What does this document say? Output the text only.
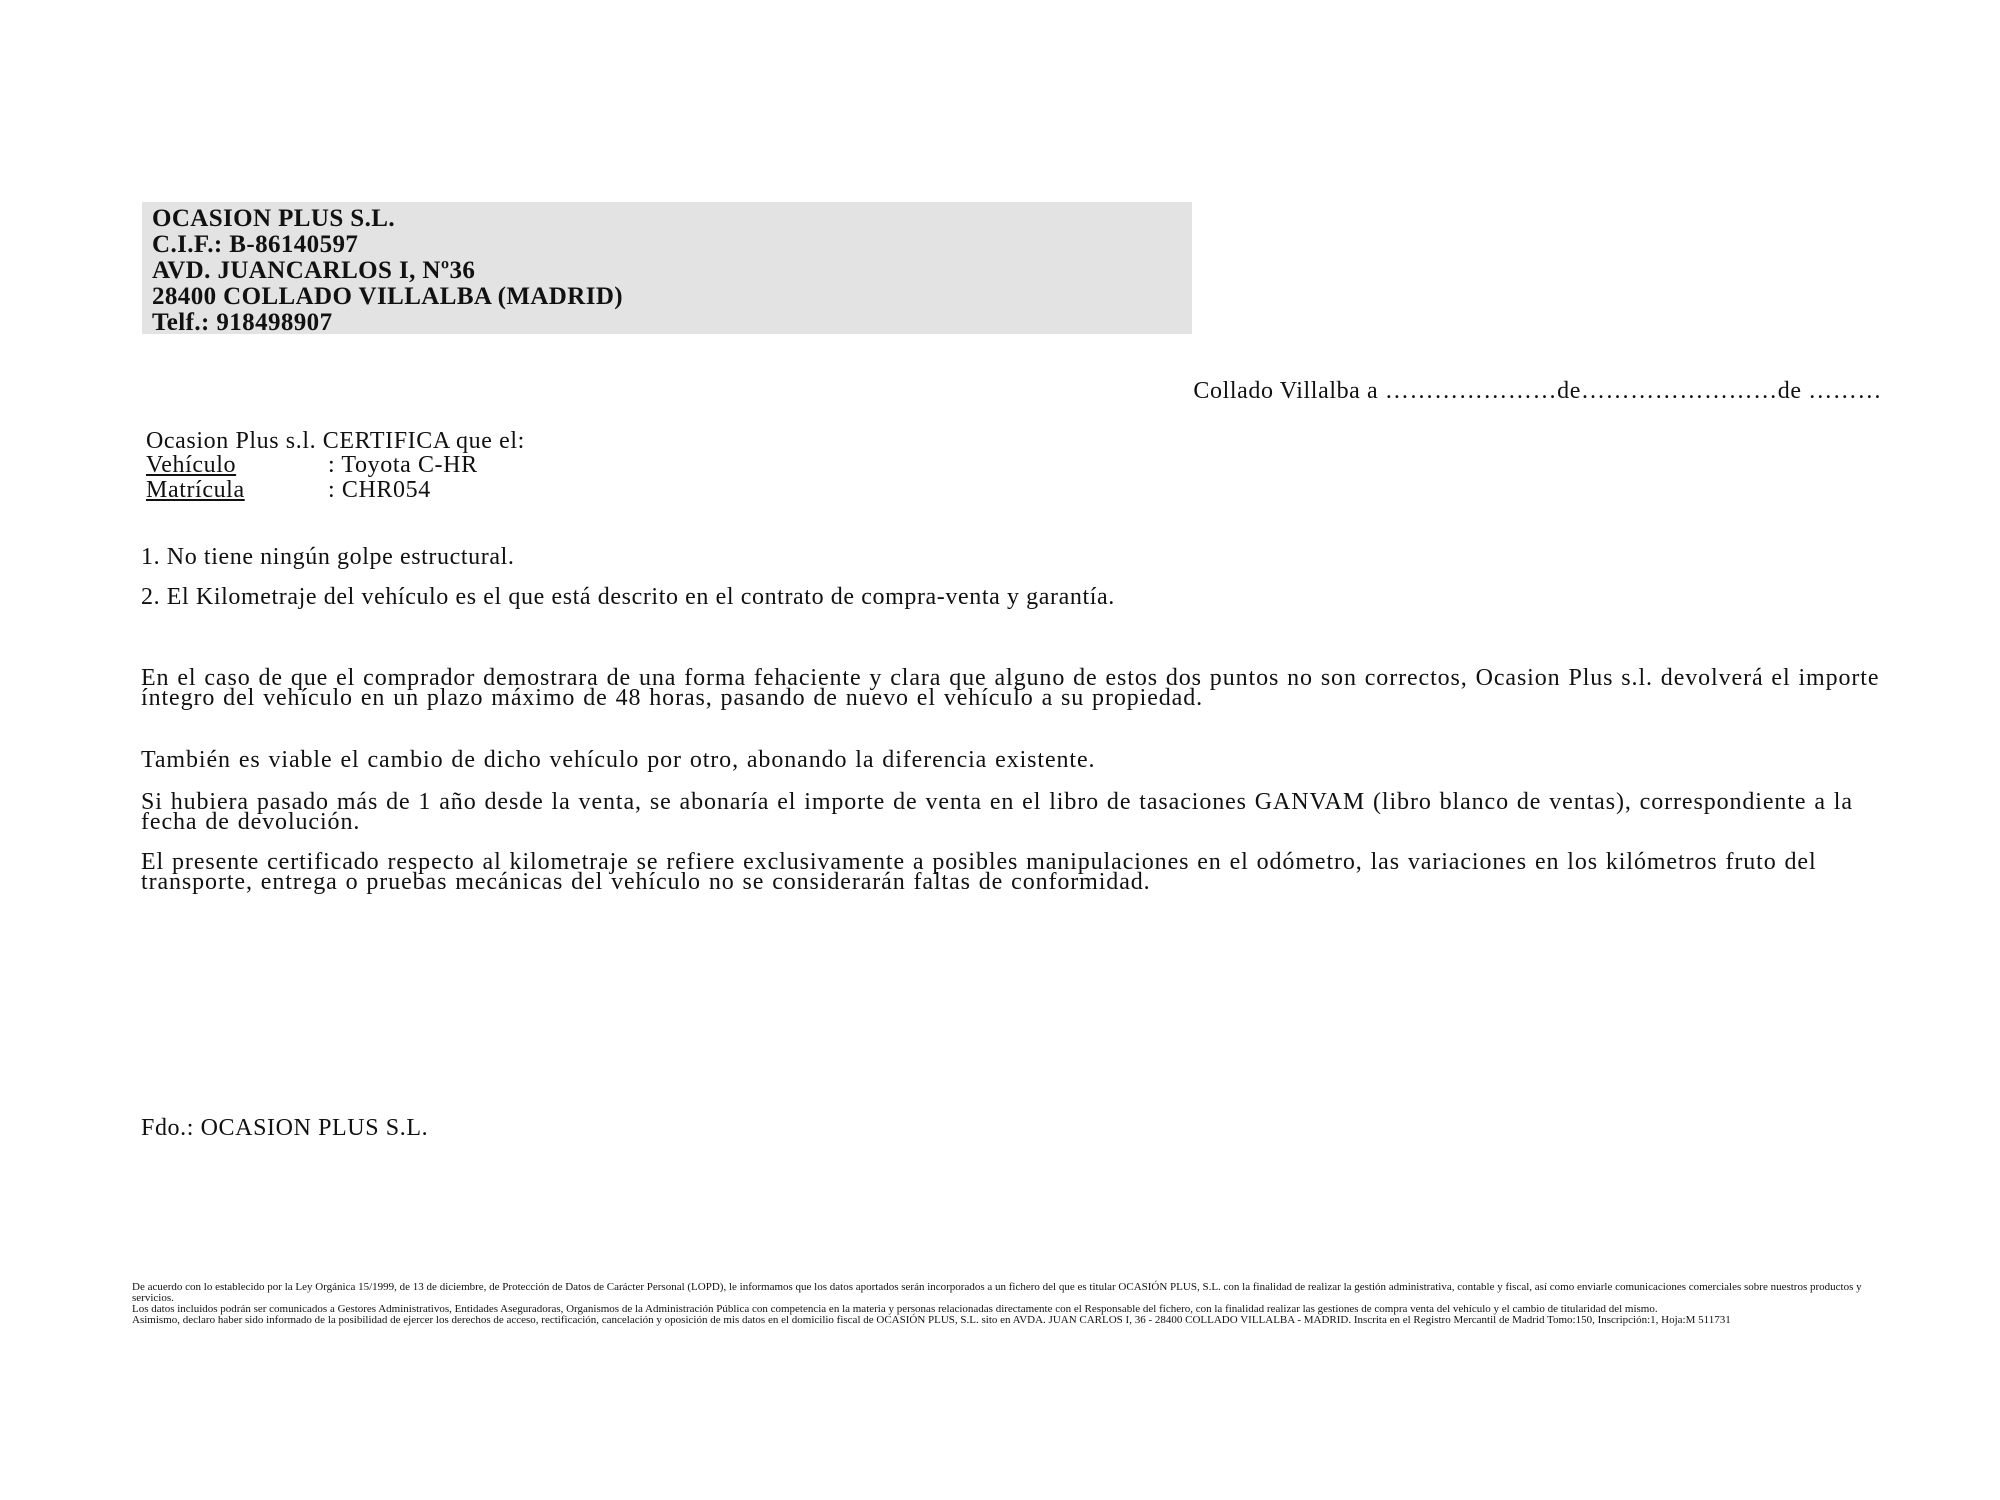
OCASION PLUS S.L.
C.I.F.: B-86140597
AVD. JUANCARLOS I, Nº36
28400 COLLADO VILLALBA (MADRID)
Telf.: 918498907
Collado Villalba a …………………de……………………de ………
Ocasion Plus s.l. CERTIFICA que el:
Vehículo	: Toyota C-HR
Matrícula	: CHR054
1. No tiene ningún golpe estructural.
2. El Kilometraje del vehículo es el que está descrito en el contrato de compra-venta y garantía.
En el caso de que el comprador demostrara de una forma fehaciente y clara que alguno de estos dos puntos no son correctos, Ocasion Plus s.l. devolverá el importe íntegro del vehículo en un plazo máximo de 48 horas, pasando de nuevo el vehículo a su propiedad.
También es viable el cambio de dicho vehículo por otro, abonando la diferencia existente.
Si hubiera pasado más de 1 año desde la venta, se abonaría el importe de venta en el libro de tasaciones GANVAM (libro blanco de ventas), correspondiente a la fecha de devolución.
El presente certificado respecto al kilometraje se refiere exclusivamente a posibles manipulaciones en el odómetro, las variaciones en los kilómetros fruto del transporte, entrega o pruebas mecánicas del vehículo no se considerarán faltas de conformidad.
Fdo.: OCASION PLUS S.L.

De acuerdo con lo establecido por la Ley Orgánica 15/1999, de 13 de diciembre, de Protección de Datos de Carácter Personal (LOPD), le informamos que los datos aportados serán incorporados a un fichero del que es titular OCASIÓN PLUS, S.L. con la finalidad de realizar la gestión administrativa, contable y fiscal, así como enviarle comunicaciones comerciales sobre nuestros productos y servicios.

Los datos incluidos podrán ser comunicados a Gestores Administrativos, Entidades Aseguradoras, Organismos de la Administración Pública con competencia en la materia y personas relacionadas directamente con el Responsable del fichero, con la finalidad realizar las gestiones de compra venta del vehículo y el cambio de titularidad del mismo.

Asimismo, declaro haber sido informado de la posibilidad de ejercer los derechos de acceso, rectificación, cancelación y oposición de mis datos en el domicilio fiscal de OCASIÓN PLUS, S.L. sito en AVDA. JUAN CARLOS I, 36 - 28400 COLLADO VILLALBA - MADRID. Inscrita en el Registro Mercantil de Madrid Tomo:150, Inscripción:1, Hoja:M 511731
